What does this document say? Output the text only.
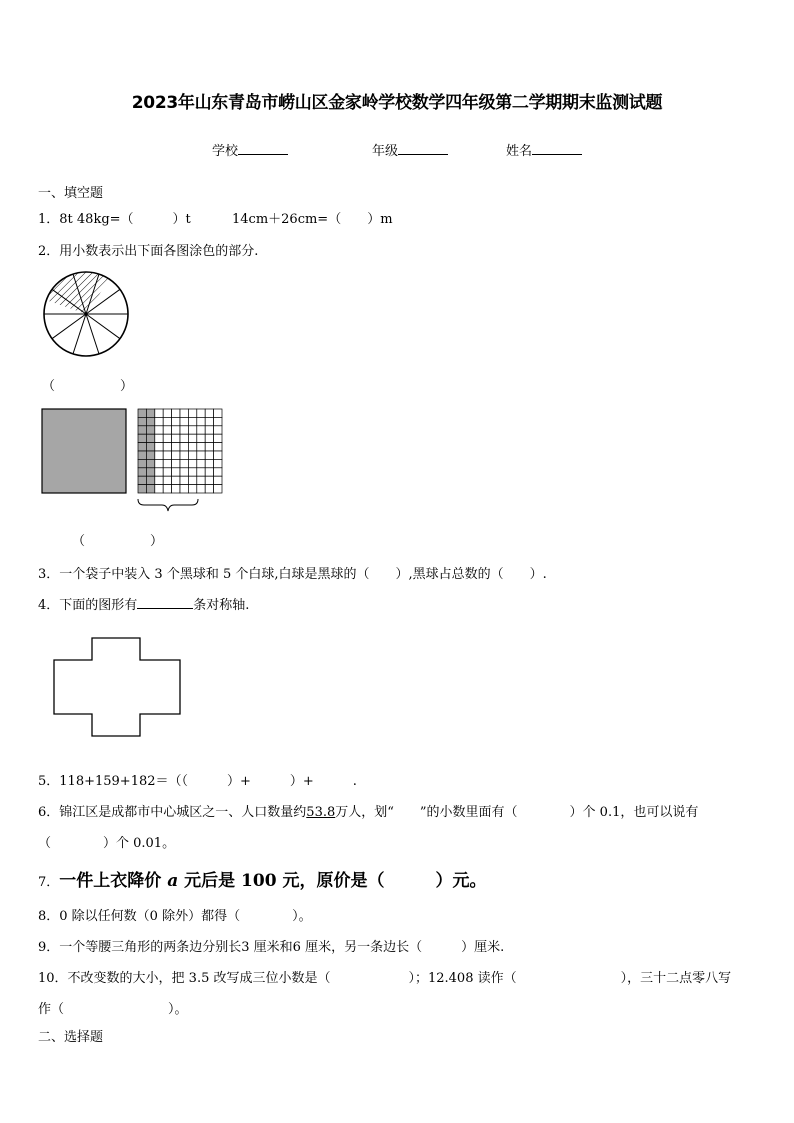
2023年山东青岛市崂山区金家岭学校数学四年级第二学期期末监测试题
学校	年级	姓名
一、填空题
1．8t 48kg=（　　　）t	14cm＋26cm=（　　）m
2．用小数表示出下面各图涂色的部分.
（　　　　　）
（　　　　　）
3．一个袋子中装入 3 个黑球和 5 个白球,白球是黑球的（　　）,黑球占总数的（　　）.
4．下面的图形有	条对称轴.
5．118+159+182＝（（　　　）+　　　）+　　　.
6．锦江区是成都市中心城区之一、人口数量约53.8万人，划“　　”的小数里面有（　　　　）个 0.1，也可以说有
（　　　　）个 0.01。
7．一件上衣降价 a 元后是 100 元，原价是（　　　）元。
8．0 除以任何数（0 除外）都得（　　　　）。
9．一个等腰三角形的两条边分别长3 厘米和6 厘米，另一条边长（　　　）厘米.
10．不改变数的大小，把 3.5 改写成三位小数是（　　　　　　）；12.408 读作（　　　　　　　　），三十二点零八写
作（　　　　　　　　）。
二、选择题
